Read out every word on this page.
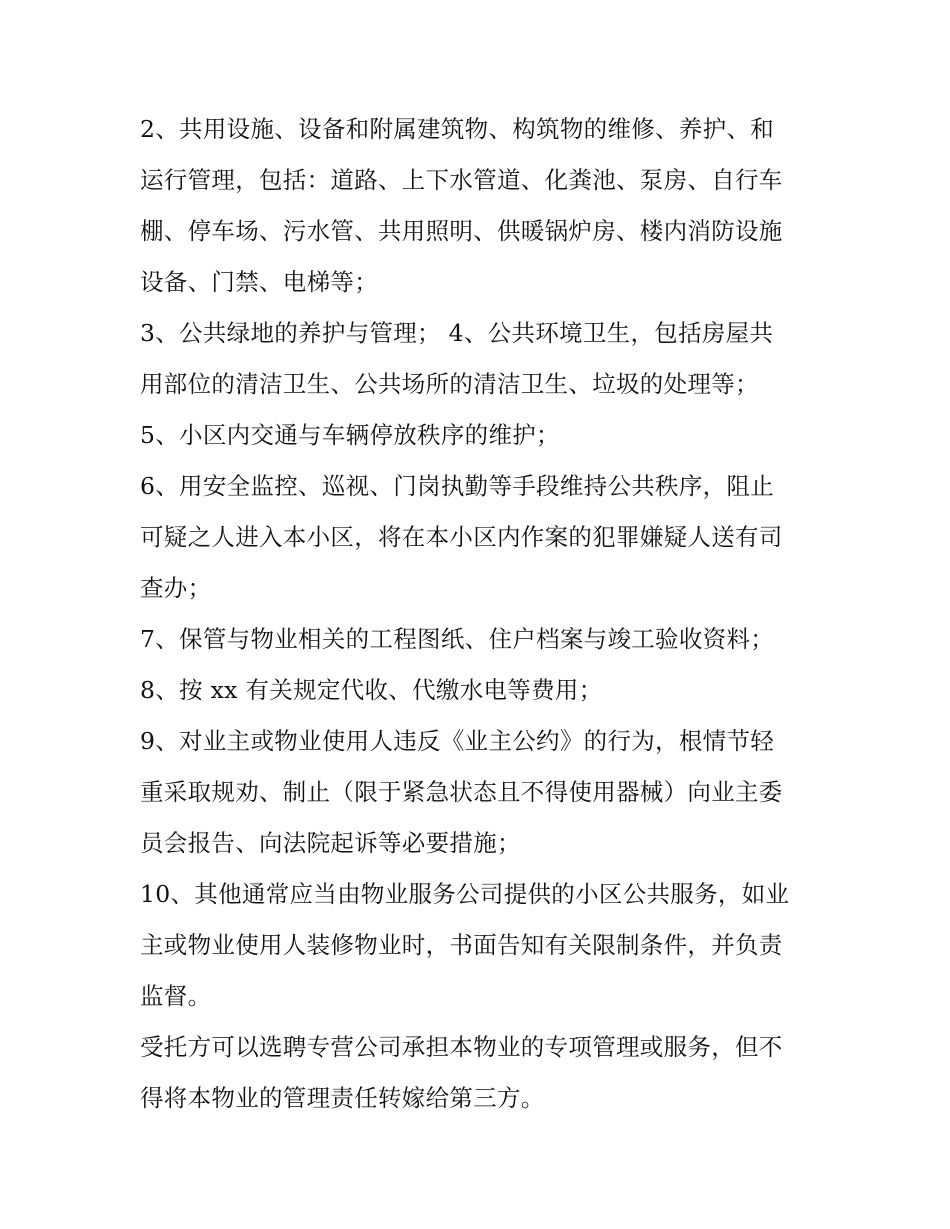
2、共用设施、设备和附属建筑物、构筑物的维修、养护、和
运行管理，包括：道路、上下水管道、化粪池、泵房、自行车
棚、停车场、污水管、共用照明、供暖锅炉房、楼内消防设施
设备、门禁、电梯等；
3、公共绿地的养护与管理； 4、公共环境卫生，包括房屋共
用部位的清洁卫生、公共场所的清洁卫生、垃圾的处理等；
5、小区内交通与车辆停放秩序的维护；
6、用安全监控、巡视、门岗执勤等手段维持公共秩序，阻止
可疑之人进入本小区，将在本小区内作案的犯罪嫌疑人送有司
查办；
7、保管与物业相关的工程图纸、住户档案与竣工验收资料；
8、按 xx 有关规定代收、代缴水电等费用；
9、对业主或物业使用人违反《业主公约》的行为，根情节轻
重采取规劝、制止（限于紧急状态且不得使用器械）向业主委
员会报告、向法院起诉等必要措施；
10、其他通常应当由物业服务公司提供的小区公共服务，如业
主或物业使用人装修物业时，书面告知有关限制条件，并负责
监督。
受托方可以选聘专营公司承担本物业的专项管理或服务，但不
得将本物业的管理责任转嫁给第三方。
